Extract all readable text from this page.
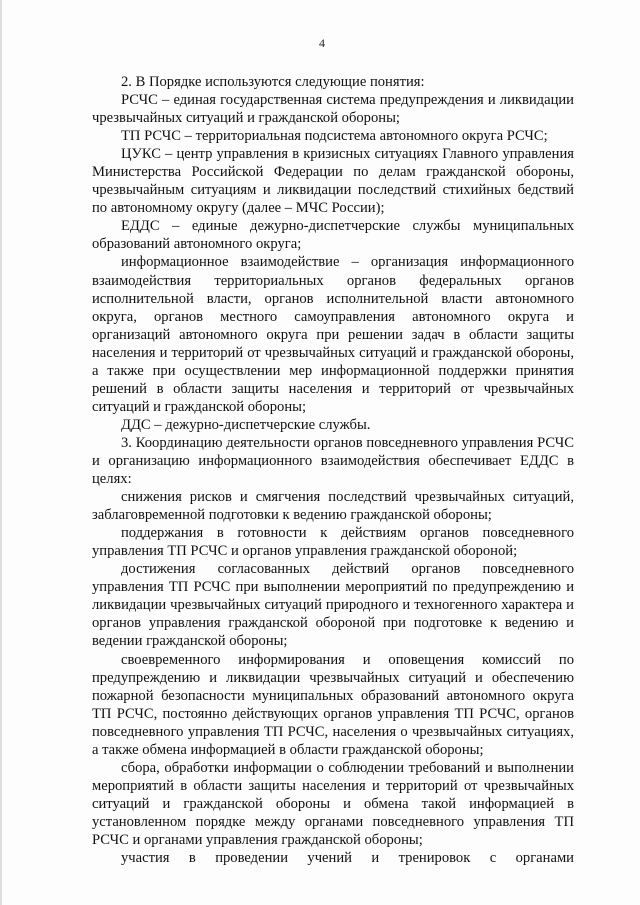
4

2. В Порядке используются следующие понятия:

РСЧС – единая государственная система предупреждения и ликвидации чрезвычайных ситуаций и гражданской обороны;

ТП РСЧС – территориальная подсистема автономного округа РСЧС;

ЦУКС – центр управления в кризисных ситуациях Главного управления Министерства Российской Федерации по делам гражданской обороны, чрезвычайным ситуациям и ликвидации последствий стихийных бедствий по автономному округу (далее – МЧС России);

ЕДДС – единые дежурно-диспетчерские службы муниципальных образований автономного округа;

информационное взаимодействие – организация информационного взаимодействия территориальных органов федеральных органов исполнительной власти, органов исполнительной власти автономного округа, органов местного самоуправления автономного округа и организаций автономного округа при решении задач в области защиты населения и территорий от чрезвычайных ситуаций и гражданской обороны, а также при осуществлении мер информационной поддержки принятия решений в области защиты населения и территорий от чрезвычайных ситуаций и гражданской обороны;

ДДС – дежурно-диспетчерские службы.

3. Координацию деятельности органов повседневного управления РСЧС и организацию информационного взаимодействия обеспечивает ЕДДС в целях:

снижения рисков и смягчения последствий чрезвычайных ситуаций, заблаговременной подготовки к ведению гражданской обороны;

поддержания в готовности к действиям органов повседневного управления ТП РСЧС и органов управления гражданской обороной;

достижения согласованных действий органов повседневного управления ТП РСЧС при выполнении мероприятий по предупреждению и ликвидации чрезвычайных ситуаций природного и техногенного характера и органов управления гражданской обороной при подготовке к ведению и ведении гражданской обороны;

своевременного информирования и оповещения комиссий по предупреждению и ликвидации чрезвычайных ситуаций и обеспечению пожарной безопасности муниципальных образований автономного округа ТП РСЧС, постоянно действующих органов управления ТП РСЧС, органов повседневного управления ТП РСЧС, населения о чрезвычайных ситуациях, а также обмена информацией в области гражданской обороны;

сбора, обработки информации о соблюдении требований и выполнении мероприятий в области защиты населения и территорий от чрезвычайных ситуаций и гражданской обороны и обмена такой информацией в установленном порядке между органами повседневного управления ТП РСЧС и органами управления гражданской обороны;

участия в проведении учений и тренировок с органами
